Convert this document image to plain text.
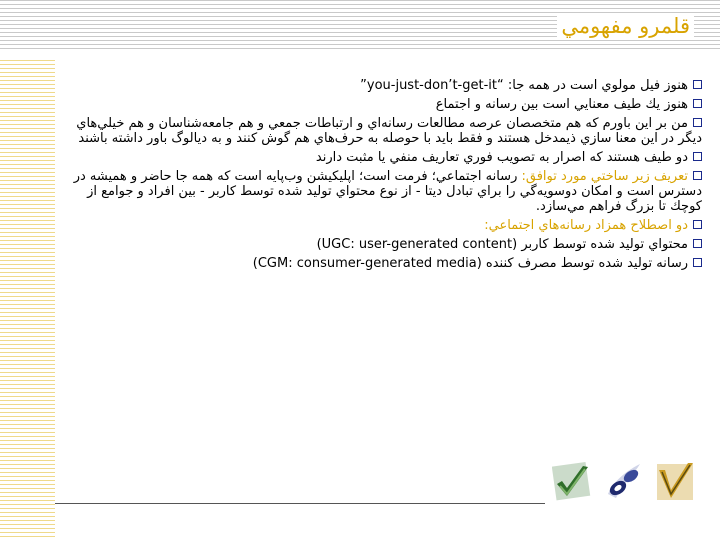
قلمرو مفهومي
هنوز فيل مولوي است در همه جا: “you-just-don’t-get-it”
هنوز يك طيف معنايي است بين رسانه و اجتماع
من بر اين باورم كه هم متخصصان عرصه مطالعات رسانه‌اي و ارتباطات جمعي و هم جامعه‌شناسان و هم خيلي‌هاي ديگر در اين معنا سازي ذيمدخل هستند و فقط بايد با حوصله به حرف‌هاي هم گوش كنند و به ديالوگ باور داشته باشند
دو طيف هستند كه اصرار به تصويب فوري تعاريف منفي يا مثبت دارند
تعريف زير ساختي مورد توافق: رسانه اجتماعي؛ فرمت است؛ اپليكيشن وب‌پايه است كه همه جا حاضر و هميشه در دسترس است و امكان دوسويه‌گي را براي تبادل ديتا - از نوع محتواي توليد شده توسط كاربر - بين افراد و جوامع از كوچك تا بزرگ فراهم مي‌سازد.
دو اصطلاح همزاد رسانه‌هاي اجتماعي:
محتواي توليد شده توسط كاربر (UGC: user-generated content)
رسانه توليد شده توسط مصرف كننده (CGM: consumer-generated media)
